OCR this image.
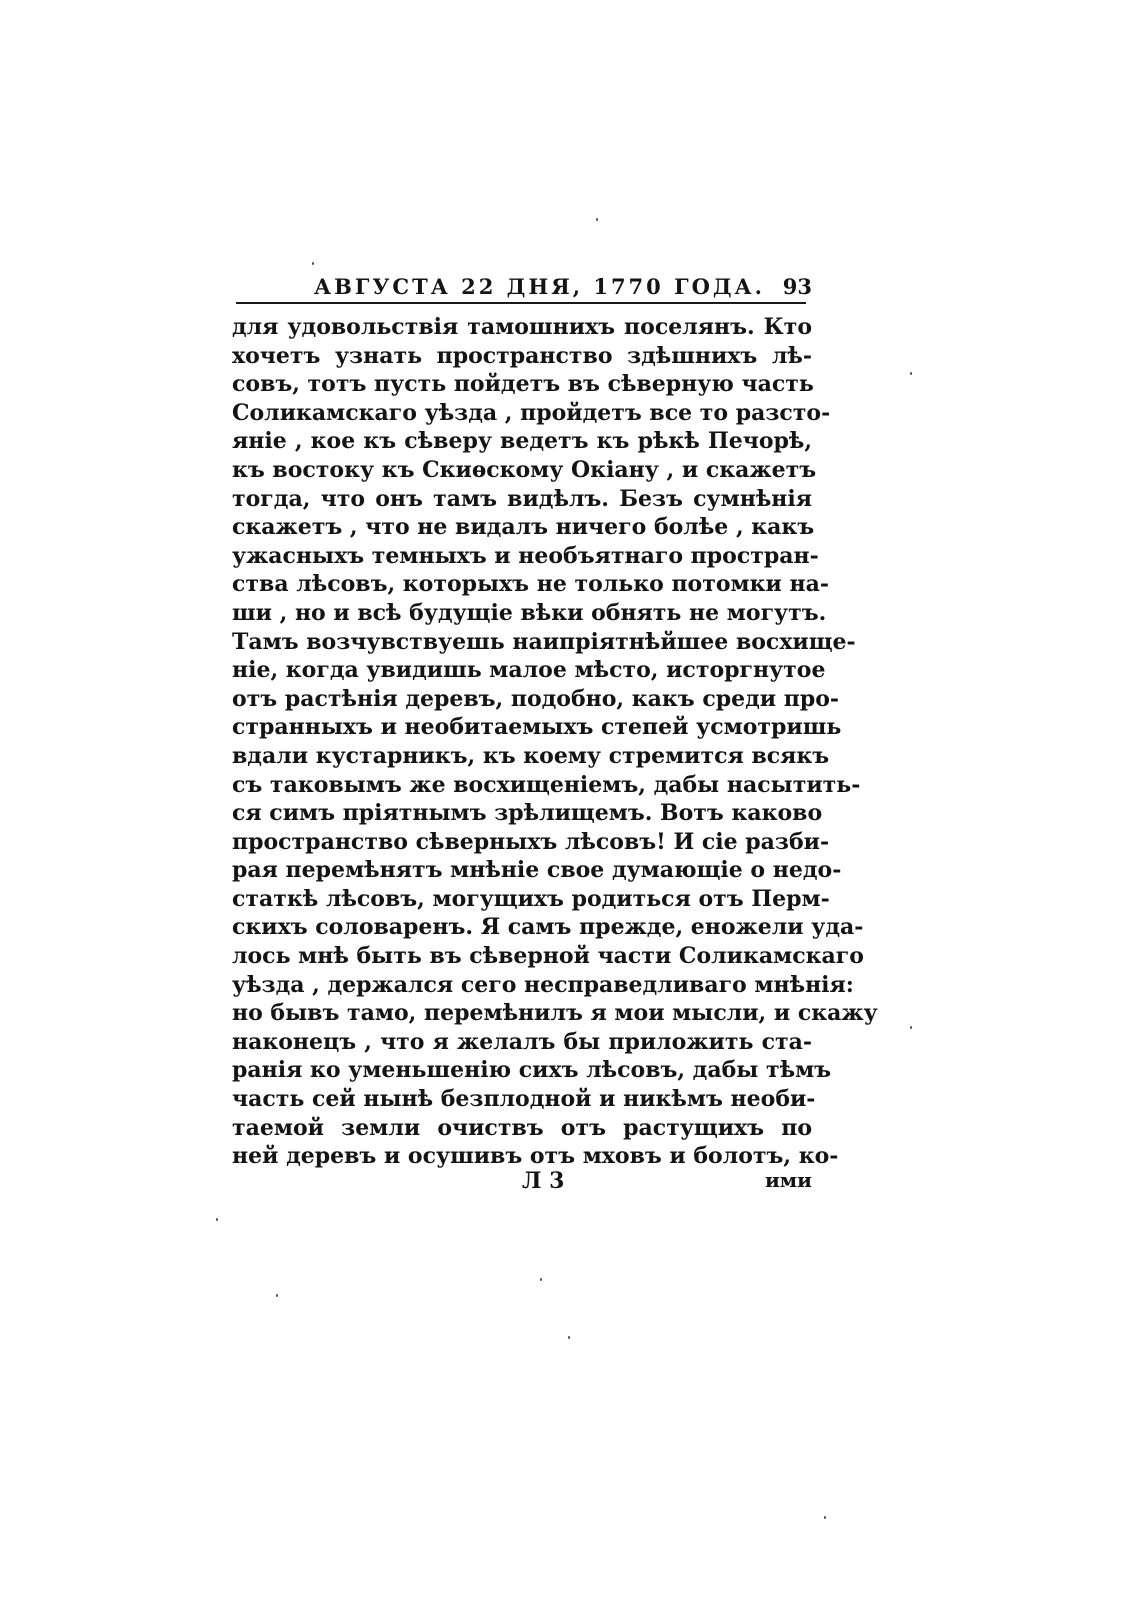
АВГУСТА 22 ДНЯ, 1770 ГОДА. 93
для удовольствія тамошнихъ поселянъ. Кто
хочетъ узнать пространство здѣшнихъ лѣ-
совъ, тотъ пусть пойдетъ въ сѣверную часть
Соликамскаго уѣзда , пройдетъ все то разсто-
яніе , кое къ сѣверу ведетъ къ рѣкѣ Печорѣ,
къ востоку къ Скиѳскому Окіану , и скажетъ
тогда, что онъ тамъ видѣлъ. Безъ сумнѣнія
скажетъ , что не видалъ ничего болѣе , какъ
ужасныхъ темныхъ и необъятнаго простран-
ства лѣсовъ, которыхъ не только потомки на-
ши , но и всѣ будущіе вѣки обнять не могутъ.
Тамъ возчувствуешь наипріятнѣйшее восхище-
ніе, когда увидишь малое мѣсто, исторгнутое
отъ растѣнія деревъ, подобно, какъ среди про-
странныхъ и необитаемыхъ степей усмотришь
вдали кустарникъ, къ коему стремится всякъ
съ таковымъ же восхищеніемъ, дабы насытить-
ся симъ пріятнымъ зрѣлищемъ. Вотъ каково
пространство сѣверныхъ лѣсовъ! И сіе разби-
рая перемѣнятъ мнѣніе свое думающіе о недо-
статкѣ лѣсовъ, могущихъ родиться отъ Перм-
скихъ соловаренъ. Я самъ прежде, еножели уда-
лось мнѣ быть въ сѣверной части Соликамскаго
уѣзда , держался сего несправедливаго мнѣнія:
но бывъ тамо, перемѣнилъ я мои мысли, и скажу
наконецъ , что я желалъ бы приложить ста-
ранія ко уменьшенію сихъ лѣсовъ, дабы тѣмъ
часть сей нынѣ безплодной и никѣмъ необи-
таемой земли очиствъ отъ растущихъ по
ней деревъ и осушивъ отъ мховъ и болотъ, ко-
Л 3	ими
